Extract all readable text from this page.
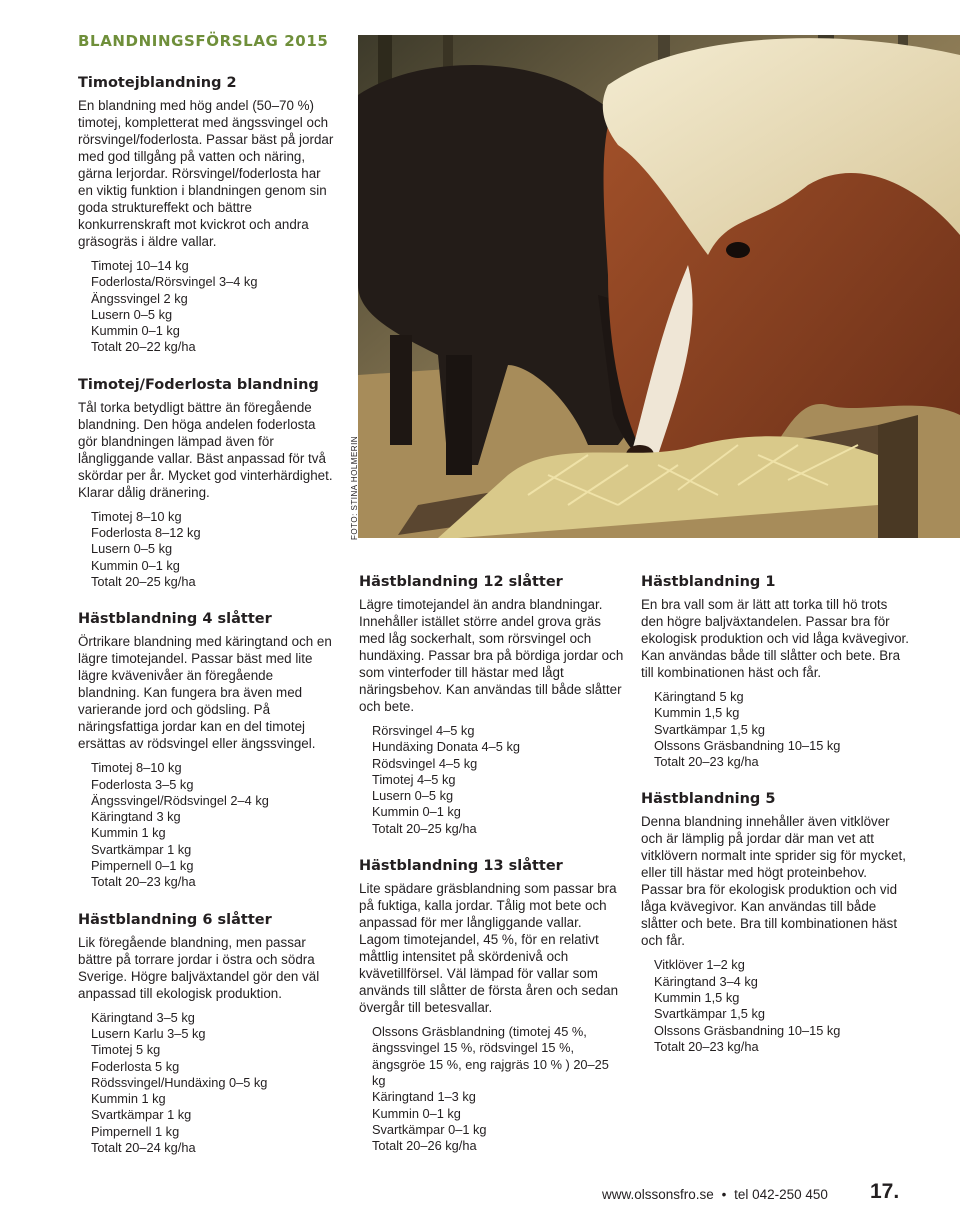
BLANDNINGSFÖRSLAG 2015
Timotejblandning 2

En blandning med hög andel (50–70 %) timotej, kompletterat med ängssvingel och rörsvingel/foderlosta. Passar bäst på jordar med god tillgång på vatten och näring, gärna lerjordar. Rörsvingel/foderlosta har en viktig funktion i blandningen genom sin goda struktureffekt och bättre konkurrenskraft mot kvickrot och andra gräsogräs i äldre vallar.

Timotej 10–14 kg
Foderlosta/Rörsvingel 3–4 kg
Ängssvingel 2 kg
Lusern 0–5 kg
Kummin 0–1 kg
Totalt 20–22 kg/ha
Timotej/Foderlosta blandning

Tål torka betydligt bättre än föregående blandning. Den höga andelen foderlosta gör blandningen lämpad även för långliggande vallar. Bäst anpassad för två skördar per år. Mycket god vinterhärdighet. Klarar dålig dränering.

Timotej 8–10 kg
Foderlosta 8–12 kg
Lusern 0–5 kg
Kummin 0–1 kg
Totalt 20–25 kg/ha
Hästblandning 4 slåtter

Örtrikare blandning med käringtand och en lägre timotejandel. Passar bäst med lite lägre kvävenivåer än föregående blandning. Kan fungera bra även med varierande jord och gödsling. På näringsfattiga jordar kan en del timotej ersättas av rödsvingel eller ängssvingel.

Timotej 8–10 kg
Foderlosta 3–5 kg
Ängssvingel/Rödsvingel 2–4 kg
Käringtand 3 kg
Kummin 1 kg
Svartkämpar 1 kg
Pimpernell 0–1 kg
Totalt 20–23 kg/ha
Hästblandning 6 slåtter

Lik föregående blandning, men passar bättre på torrare jordar i östra och södra Sverige. Högre baljväxtandel gör den väl anpassad till ekologisk produktion.

Käringtand 3–5 kg
Lusern Karlu 3–5 kg
Timotej 5 kg
Foderlosta 5 kg
Rödssvingel/Hundäxing 0–5 kg
Kummin 1 kg
Svartkämpar 1 kg
Pimpernell 1 kg
Totalt 20–24 kg/ha
FOTO: STINA HOLMERIN
Hästblandning 12 slåtter

Lägre timotejandel än andra blandningar. Innehåller istället större andel grova gräs med låg sockerhalt, som rörsvingel och hundäxing. Passar bra på bördiga jordar och som vinterfoder till hästar med lågt näringsbehov. Kan användas till både slåtter och bete.

Rörsvingel 4–5 kg
Hundäxing Donata 4–5 kg
Rödsvingel 4–5 kg
Timotej 4–5 kg
Lusern 0–5 kg
Kummin 0–1 kg
Totalt 20–25 kg/ha
Hästblandning 13 slåtter

Lite spädare gräsblandning som passar bra på fuktiga, kalla jordar. Tålig mot bete och anpassad för mer långliggande vallar. Lagom timotejandel, 45 %, för en relativt måttlig intensitet på skördenivå och kvävetillförsel. Väl lämpad för vallar som används till slåtter de första åren och sedan övergår till betesvallar.

Olssons Gräsblandning (timotej 45 %, ängssvingel 15 %, rödsvingel 15 %, ängsgröe 15 %, eng rajgräs 10 % ) 20–25 kg
Käringtand 1–3 kg
Kummin 0–1 kg
Svartkämpar 0–1 kg
Totalt 20–26 kg/ha
Hästblandning 1

En bra vall som är lätt att torka till hö trots den högre baljväxtandelen. Passar bra för ekologisk produktion och vid låga kvävegivor. Kan användas både till slåtter och bete. Bra till kombinationen häst och får.

Käringtand 5 kg
Kummin 1,5 kg
Svartkämpar 1,5 kg
Olssons Gräsbandning 10–15 kg
Totalt 20–23 kg/ha
Hästblandning 5

Denna blandning innehåller även vitklöver och är lämplig på jordar där man vet att vitklövern normalt inte sprider sig för mycket, eller till hästar med högt proteinbehov. Passar bra för ekologisk produktion och vid låga kvävegivor. Kan användas till både slåtter och bete. Bra till kombinationen häst och får.

Vitklöver 1–2 kg
Käringtand 3–4 kg
Kummin 1,5 kg
Svartkämpar 1,5 kg
Olssons Gräsbandning 10–15 kg
Totalt 20–23 kg/ha
www.olssonsfro.se • tel 042-250 450 17.
